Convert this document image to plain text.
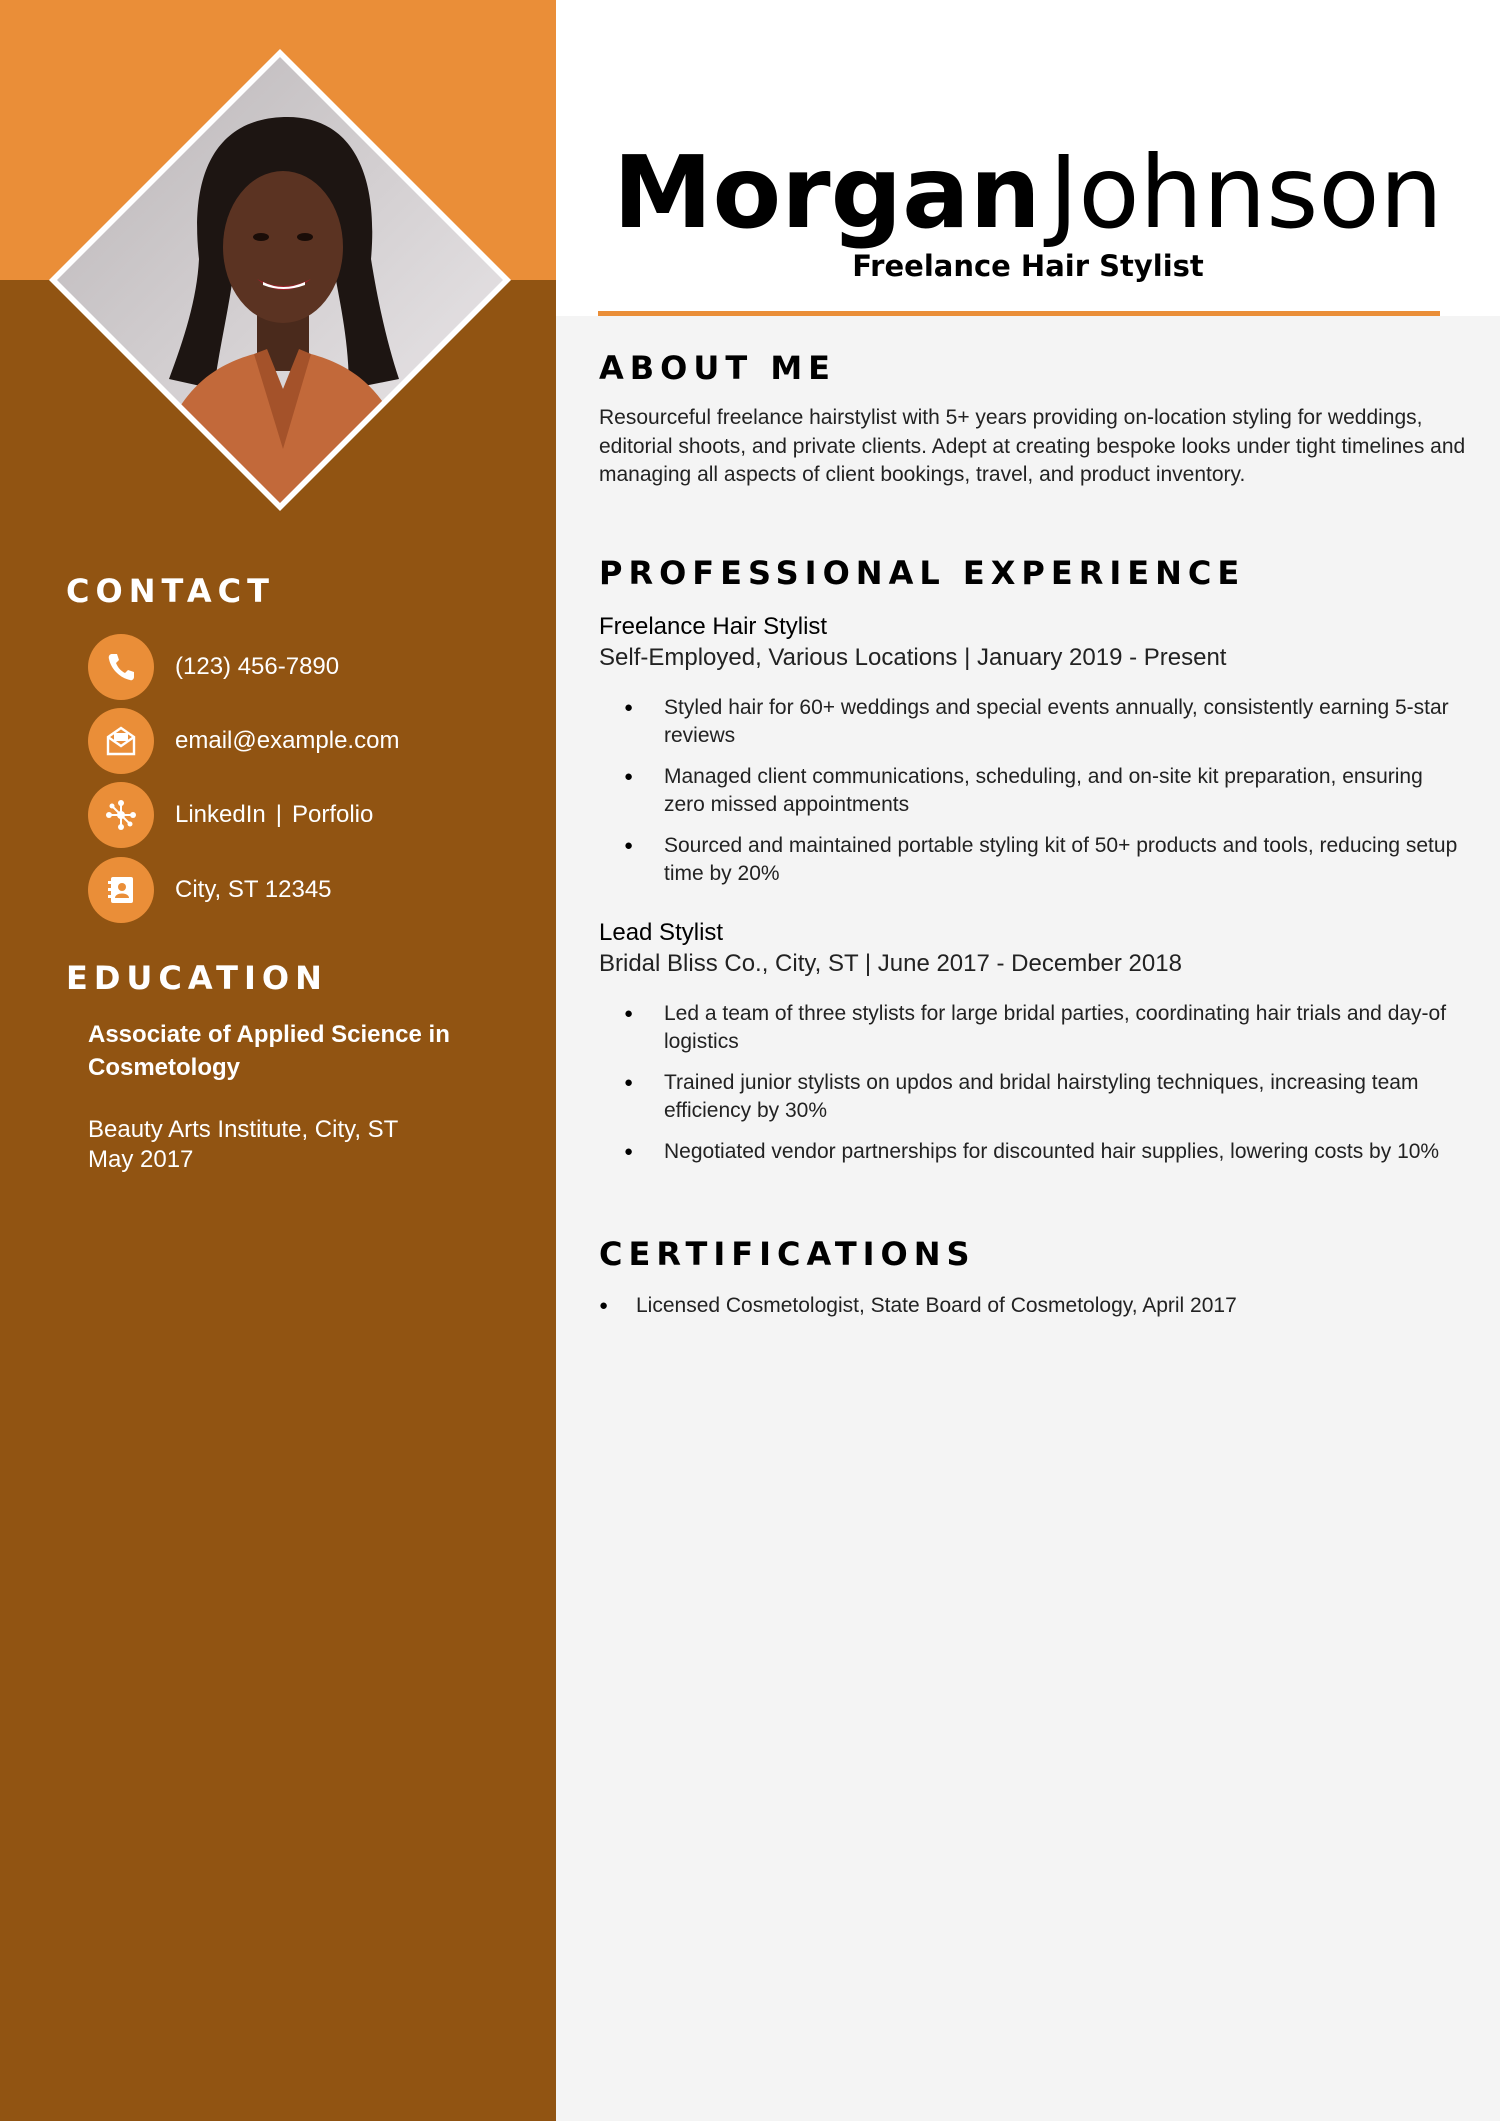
CONTACT
(123) 456-7890
email@example.com
LinkedIn | Porfolio
City, ST 12345
EDUCATION
Associate of Applied Science in Cosmetology
Beauty Arts Institute, City, ST
May 2017
MorganJohnson
Freelance Hair Stylist
ABOUT ME
Resourceful freelance hairstylist with 5+ years providing on-location styling for weddings, editorial shoots, and private clients. Adept at creating bespoke looks under tight timelines and managing all aspects of client bookings, travel, and product inventory.
PROFESSIONAL EXPERIENCE
Freelance Hair Stylist
Self-Employed, Various Locations | January 2019 - Present
● Styled hair for 60+ weddings and special events annually, consistently earning 5-star reviews
● Managed client communications, scheduling, and on-site kit preparation, ensuring zero missed appointments
● Sourced and maintained portable styling kit of 50+ products and tools, reducing setup time by 20%
Lead Stylist
Bridal Bliss Co., City, ST | June 2017 - December 2018
● Led a team of three stylists for large bridal parties, coordinating hair trials and day-of logistics
● Trained junior stylists on updos and bridal hairstyling techniques, increasing team efficiency by 30%
● Negotiated vendor partnerships for discounted hair supplies, lowering costs by 10%
CERTIFICATIONS
● Licensed Cosmetologist, State Board of Cosmetology, April 2017
